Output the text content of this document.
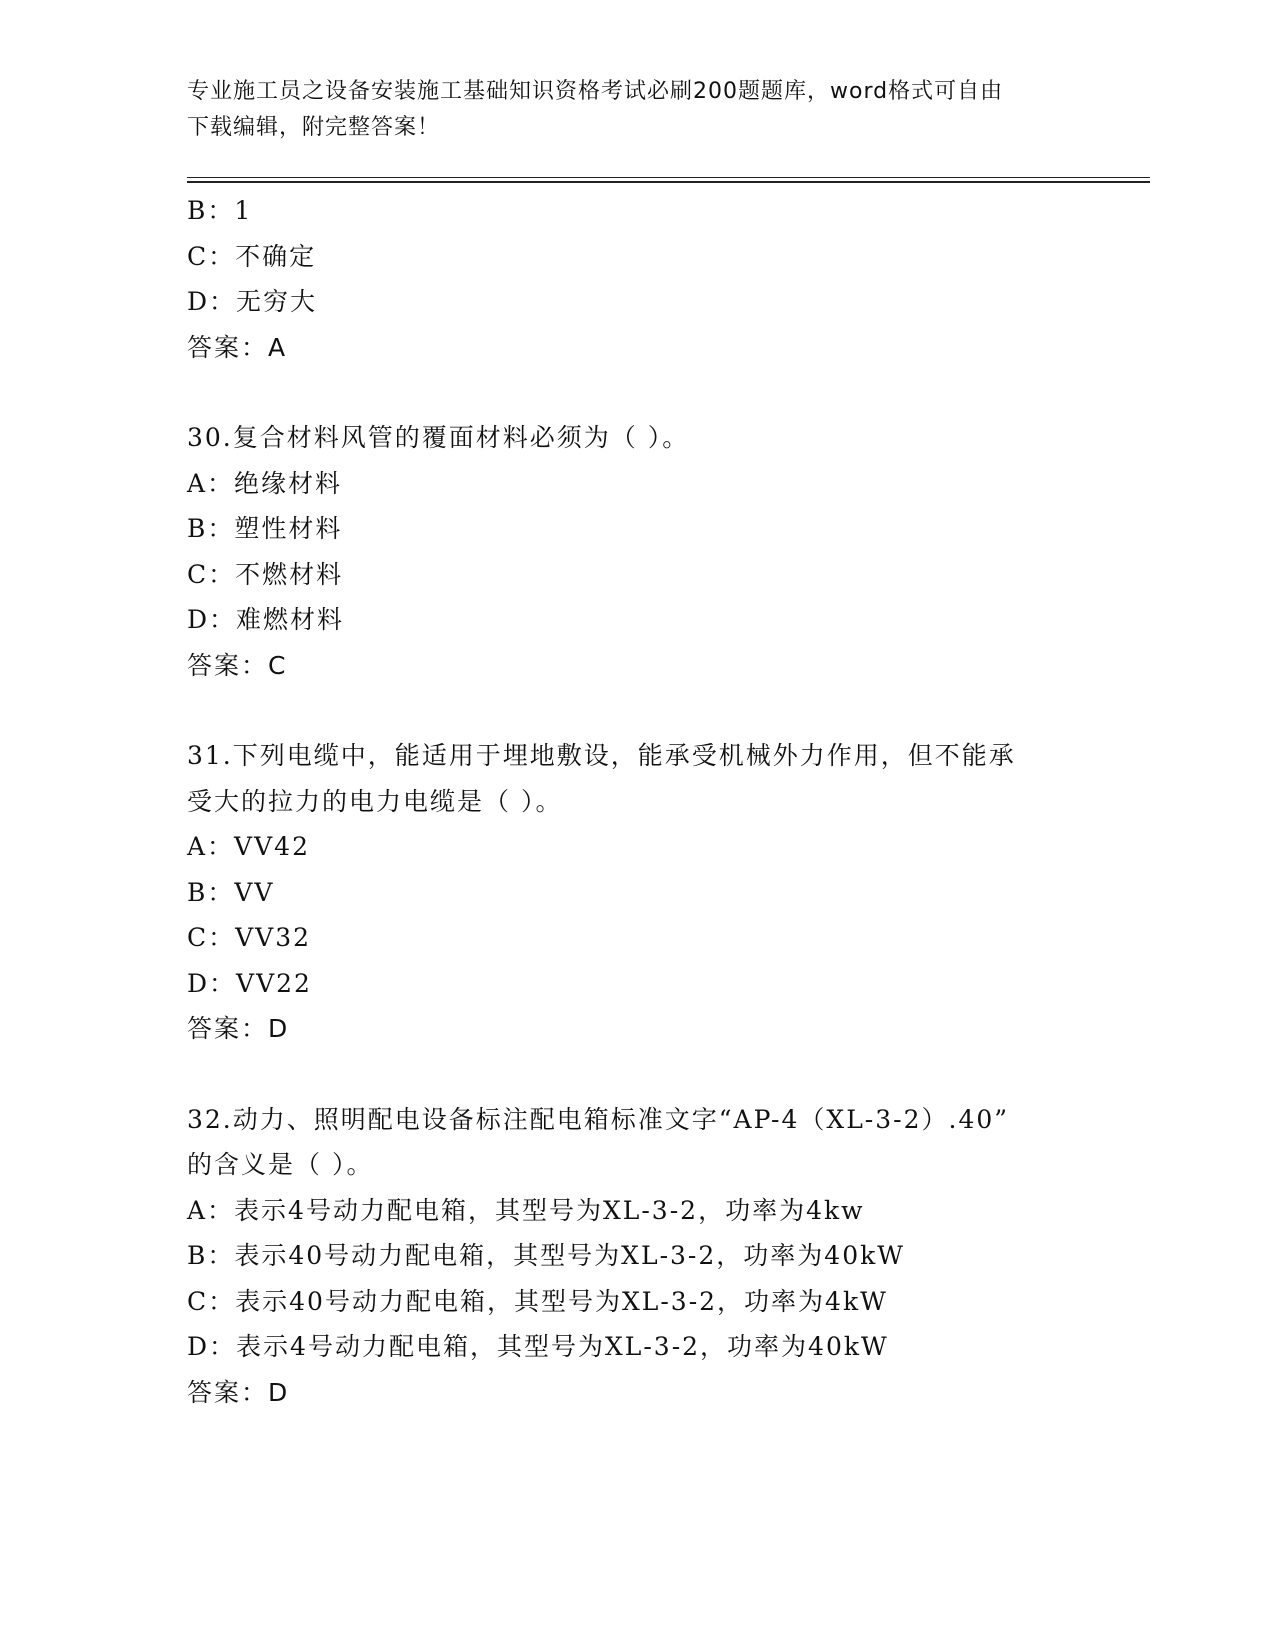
专业施工员之设备安装施工基础知识资格考试必刷200题题库，word格式可自由
下载编辑，附完整答案！
B：1
C：不确定
D：无穷大
答案：A
30.复合材料风管的覆面材料必须为（ ）。
A：绝缘材料
B：塑性材料
C：不燃材料
D：难燃材料
答案：C
31.下列电缆中，能适用于埋地敷设，能承受机械外力作用，但不能承
受大的拉力的电力电缆是（ ）。
A：VV42
B：VV
C：VV32
D：VV22
答案：D
32.动力、照明配电设备标注配电箱标准文字“AP-4（XL-3-2）.40”
的含义是（ ）。
A：表示4号动力配电箱，其型号为XL-3-2，功率为4kw
B：表示40号动力配电箱，其型号为XL-3-2，功率为40kW
C：表示40号动力配电箱，其型号为XL-3-2，功率为4kW
D：表示4号动力配电箱，其型号为XL-3-2，功率为40kW
答案：D
